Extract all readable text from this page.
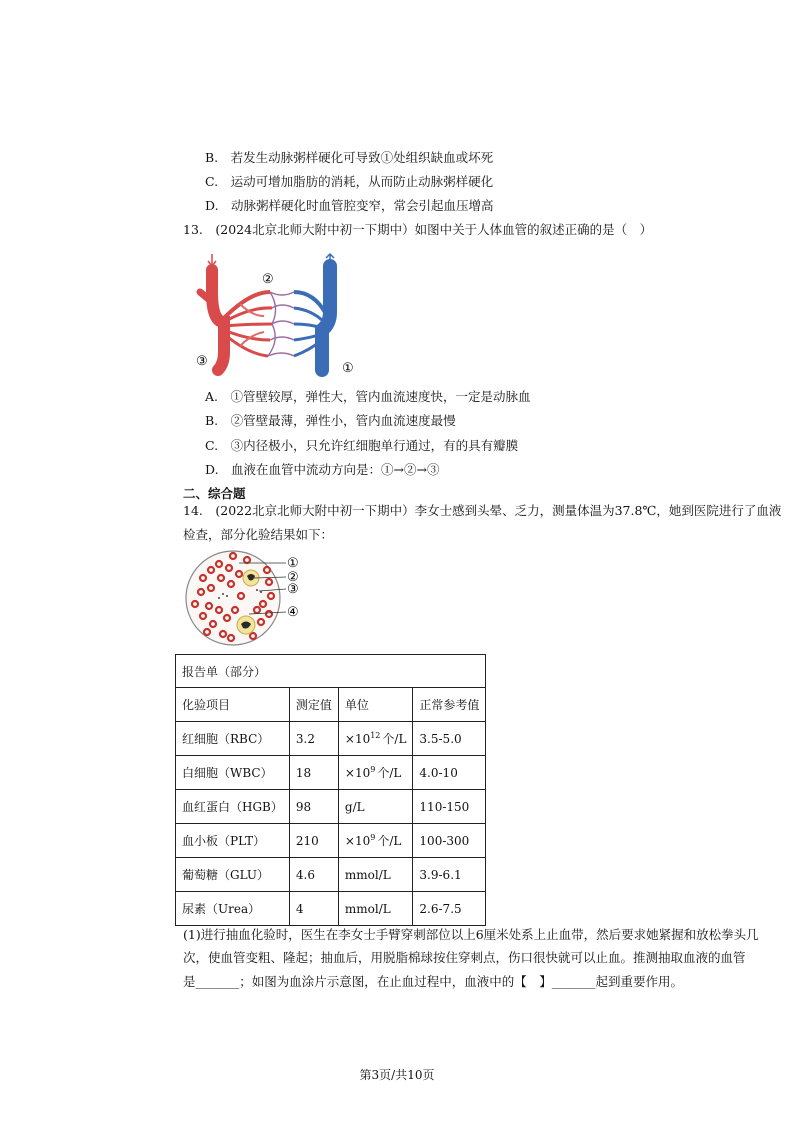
B.　若发生动脉粥样硬化可导致①处组织缺血或坏死
C.　运动可增加脂肪的消耗，从而防止动脉粥样硬化
D.　动脉粥样硬化时血管腔变窄，常会引起血压增高
13.　(2024北京北师大附中初一下期中）如图中关于人体血管的叙述正确的是（　）
②
③	①
A.　①管壁较厚，弹性大，管内血流速度快，一定是动脉血
B.　②管壁最薄，弹性小，管内血流速度最慢
C.　③内径极小，只允许红细胞单行通过，有的具有瓣膜
D.　血液在血管中流动方向是：①→②→③
二、综合题
14.　(2022北京北师大附中初一下期中）李女士感到头晕、乏力，测量体温为37.8℃，她到医院进行了血液
检查，部分化验结果如下：
①
②
③
④
报告单（部分）			
化验项目	测定值	单位	正常参考值
红细胞（RBC）	3.2	$\times 10^{12}$ 个/L	3.5-5.0
白细胞（WBC）	18	$\times 10^9$ 个/L	4.0-10
血红蛋白（HGB）	98	g/L	110-150
血小板（PLT）	210	$\times 10^9$ 个/L	100-300
葡萄糖（GLU）	4.6	mmol/L	3.9-6.1
尿素（Urea）	4	mmol/L	2.6-7.5
(1)进行抽血化验时，医生在李女士手臂穿刺部位以上6厘米处系上止血带，然后要求她紧握和放松拳头几
次，使血管变粗、隆起；抽血后，用脱脂棉球按住穿刺点，伤口很快就可以止血。推测抽取血液的血管
是_______；如图为血涂片示意图，在止血过程中，血液中的【　】_______起到重要作用。
第3页/共10页
